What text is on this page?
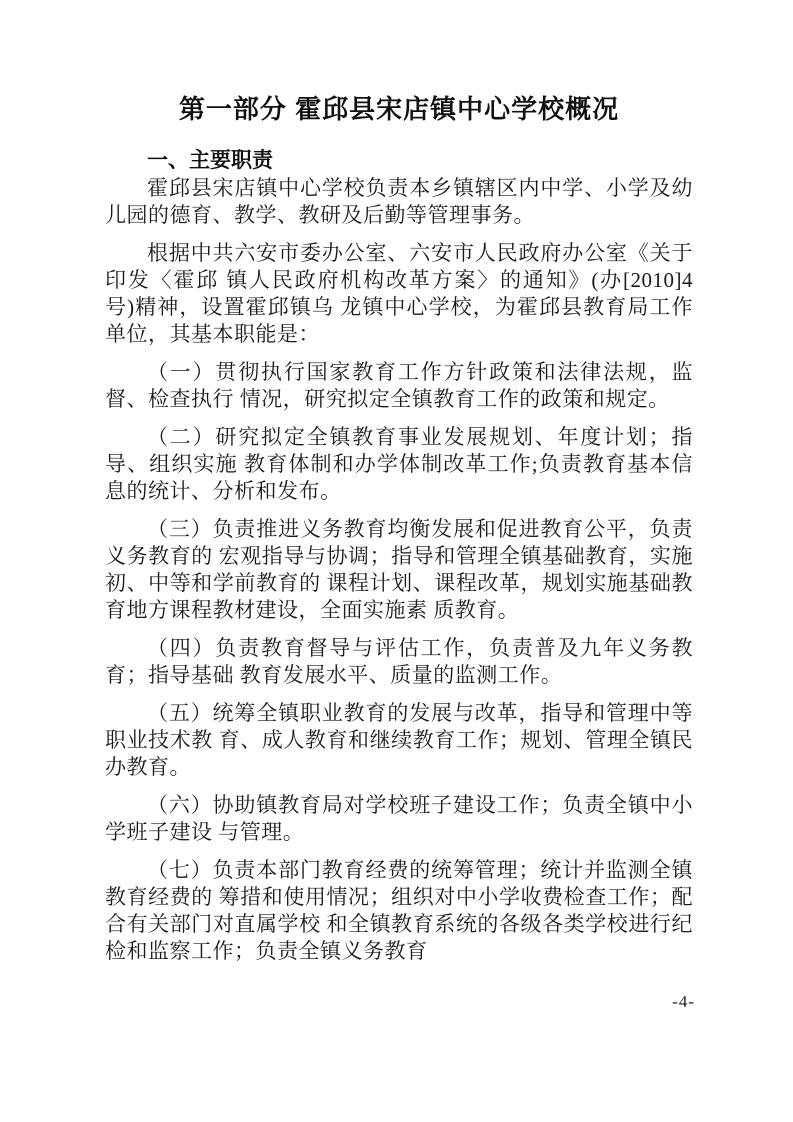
第一部分 霍邱县宋店镇中心学校概况
一、主要职责

霍邱县宋店镇中心学校负责本乡镇辖区内中学、小学及幼儿园的德育、教学、教研及后勤等管理事务。

根据中共六安市委办公室、六安市人民政府办公室《关于印发〈霍邱 镇人民政府机构改革方案〉的通知》(办[2010]4 号)精神，设置霍邱镇乌 龙镇中心学校，为霍邱县教育局工作单位，其基本职能是：

（一）贯彻执行国家教育工作方针政策和法律法规，监督、检查执行 情况，研究拟定全镇教育工作的政策和规定。

（二）研究拟定全镇教育事业发展规划、年度计划；指导、组织实施 教育体制和办学体制改革工作;负责教育基本信息的统计、分析和发布。

（三）负责推进义务教育均衡发展和促进教育公平，负责义务教育的 宏观指导与协调；指导和管理全镇基础教育，实施初、中等和学前教育的 课程计划、课程改革，规划实施基础教育地方课程教材建设，全面实施素 质教育。

（四）负责教育督导与评估工作，负责普及九年义务教育；指导基础 教育发展水平、质量的监测工作。

（五）统筹全镇职业教育的发展与改革，指导和管理中等职业技术教 育、成人教育和继续教育工作；规划、管理全镇民办教育。

（六）协助镇教育局对学校班子建设工作；负责全镇中小学班子建设 与管理。

（七）负责本部门教育经费的统筹管理；统计并监测全镇教育经费的 筹措和使用情况；组织对中小学收费检查工作；配合有关部门对直属学校 和全镇教育系统的各级各类学校进行纪检和监察工作；负责全镇义务教育

-4-
